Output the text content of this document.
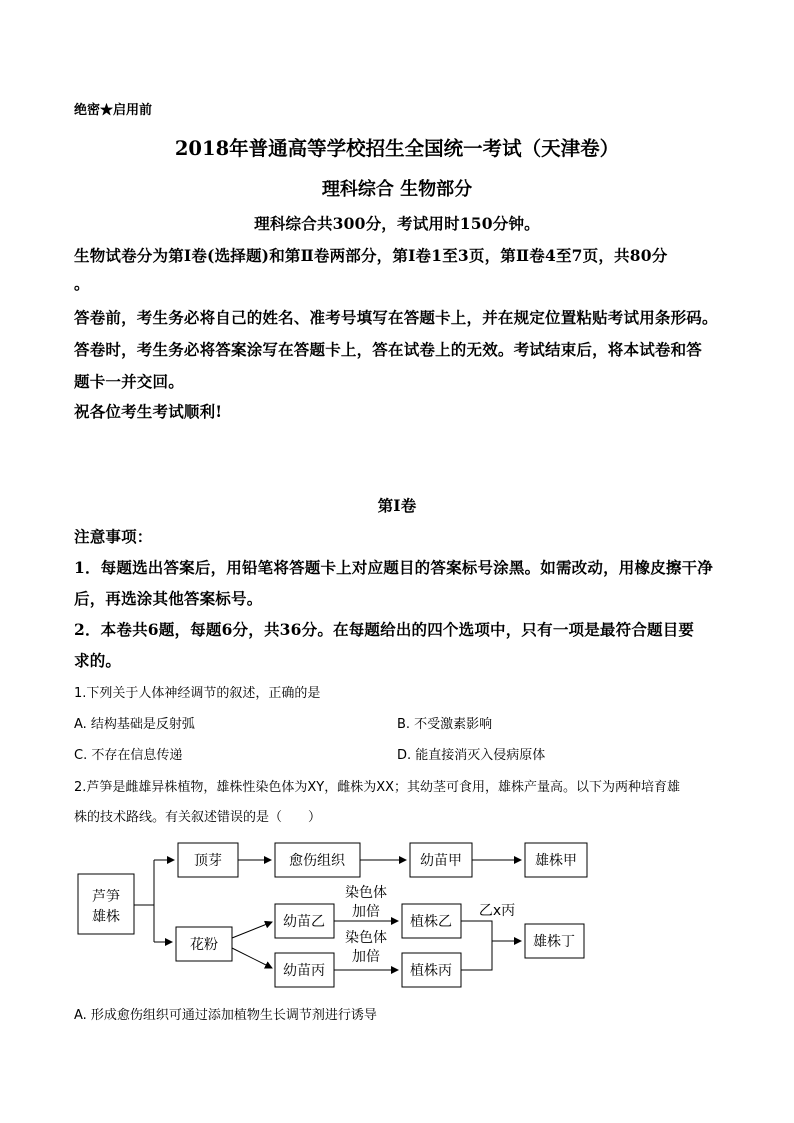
绝密★启用前
2018年普通高等学校招生全国统一考试（天津卷）
理科综合 生物部分
理科综合共300分，考试用时150分钟。
生物试卷分为第Ⅰ卷(选择题)和第Ⅱ卷两部分，第Ⅰ卷1至3页，第Ⅱ卷4至7页，共80分
。
答卷前，考生务必将自己的姓名、准考号填写在答题卡上，并在规定位置粘贴考试用条形码。
答卷时，考生务必将答案涂写在答题卡上，答在试卷上的无效。考试结束后，将本试卷和答
题卡一并交回。
祝各位考生考试顺利!
第Ⅰ卷
注意事项：
1．每题选出答案后，用铅笔将答题卡上对应题目的答案标号涂黑。如需改动，用橡皮擦干净
后，再选涂其他答案标号。
2．本卷共6题，每题6分，共36分。在每题给出的四个选项中，只有一项是最符合题目要
求的。
1.下列关于人体神经调节的叙述，正确的是
A. 结构基础是反射弧	B. 不受激素影响
C. 不存在信息传递	D. 能直接消灭入侵病原体
2.芦笋是雌雄异株植物，雄株性染色体为XY，雌株为XX；其幼茎可食用，雄株产量高。以下为两种培育雄
株的技术路线。有关叙述错误的是（　　）
芦笋
雄株
顶芽	愈伤组织	幼苗甲	雄株甲
花粉
幼苗乙
幼苗丙
染色体
加倍
染色体
加倍
植株乙
植株丙
乙x丙
雄株丁
A. 形成愈伤组织可通过添加植物生长调节剂进行诱导
